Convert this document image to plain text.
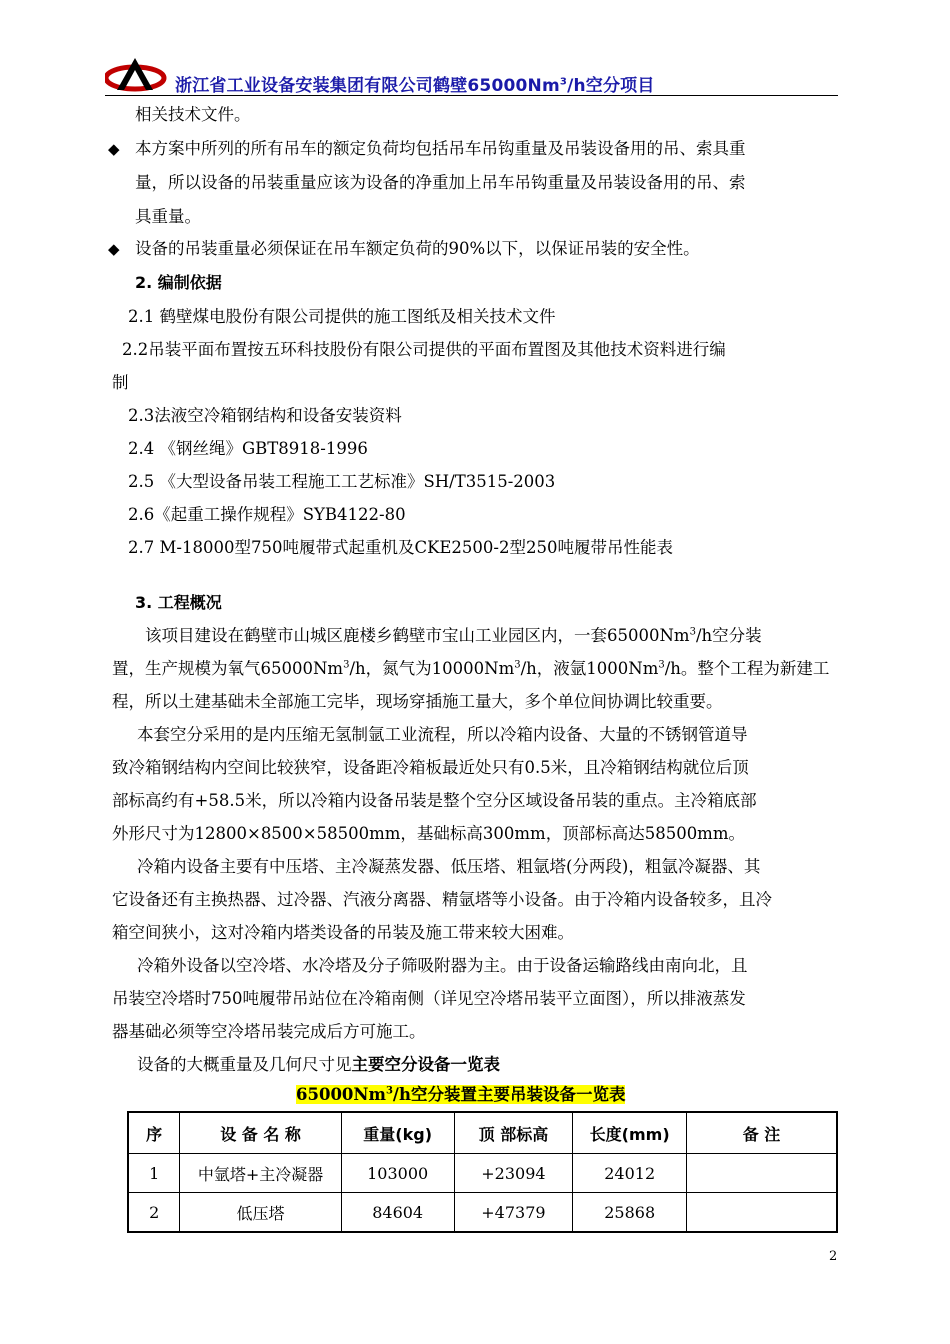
浙江省工业设备安装集团有限公司鹤壁65000Nm$^3$/h空分项目
相关技术文件。
◆ 本方案中所列的所有吊车的额定负荷均包括吊车吊钩重量及吊装设备用的吊、索具重
量，所以设备的吊装重量应该为设备的净重加上吊车吊钩重量及吊装设备用的吊、索
具重量。
◆ 设备的吊装重量必须保证在吊车额定负荷的90%以下，以保证吊装的安全性。
2. 编制依据
2.1 鹤壁煤电股份有限公司提供的施工图纸及相关技术文件
2.2吊装平面布置按五环科技股份有限公司提供的平面布置图及其他技术资料进行编
制
2.3法液空冷箱钢结构和设备安装资料
2.4 《钢丝绳》GBT8918-1996
2.5 《大型设备吊装工程施工工艺标准》SH/T3515-2003
2.6《起重工操作规程》SYB4122-80
2.7 M-18000型750吨履带式起重机及CKE2500-2型250吨履带吊性能表
3. 工程概况
该项目建设在鹤壁市山城区鹿楼乡鹤壁市宝山工业园区内，一套65000Nm$^3$/h空分装
置，生产规模为氧气65000Nm$^3$/h，氮气为10000Nm$^3$/h，液氩1000Nm$^3$/h。整个工程为新建工
程，所以土建基础未全部施工完毕，现场穿插施工量大，多个单位间协调比较重要。
本套空分采用的是内压缩无氢制氩工业流程，所以冷箱内设备、大量的不锈钢管道导
致冷箱钢结构内空间比较狭窄，设备距冷箱板最近处只有0.5米，且冷箱钢结构就位后顶
部标高约有+58.5米，所以冷箱内设备吊装是整个空分区域设备吊装的重点。主冷箱底部
外形尺寸为12800×8500×58500mm，基础标高300mm，顶部标高达58500mm。
冷箱内设备主要有中压塔、主冷凝蒸发器、低压塔、粗氩塔(分两段)，粗氩冷凝器、其
它设备还有主换热器、过冷器、汽液分离器、精氩塔等小设备。由于冷箱内设备较多，且冷
箱空间狭小，这对冷箱内塔类设备的吊装及施工带来较大困难。
冷箱外设备以空冷塔、水冷塔及分子筛吸附器为主。由于设备运输路线由南向北，且
吊装空冷塔时750吨履带吊站位在冷箱南侧（详见空冷塔吊装平立面图），所以排液蒸发
器基础必须等空冷塔吊装完成后方可施工。
设备的大概重量及几何尺寸见主要空分设备一览表
65000Nm$^3$/h空分装置主要吊装设备一览表
序	设 备 名 称	重量(kg)	顶 部标高	长度(mm)	备 注
1	中氩塔+主冷凝器	103000	+23094	24012	
2	低压塔	84604	+47379	25868	
2
